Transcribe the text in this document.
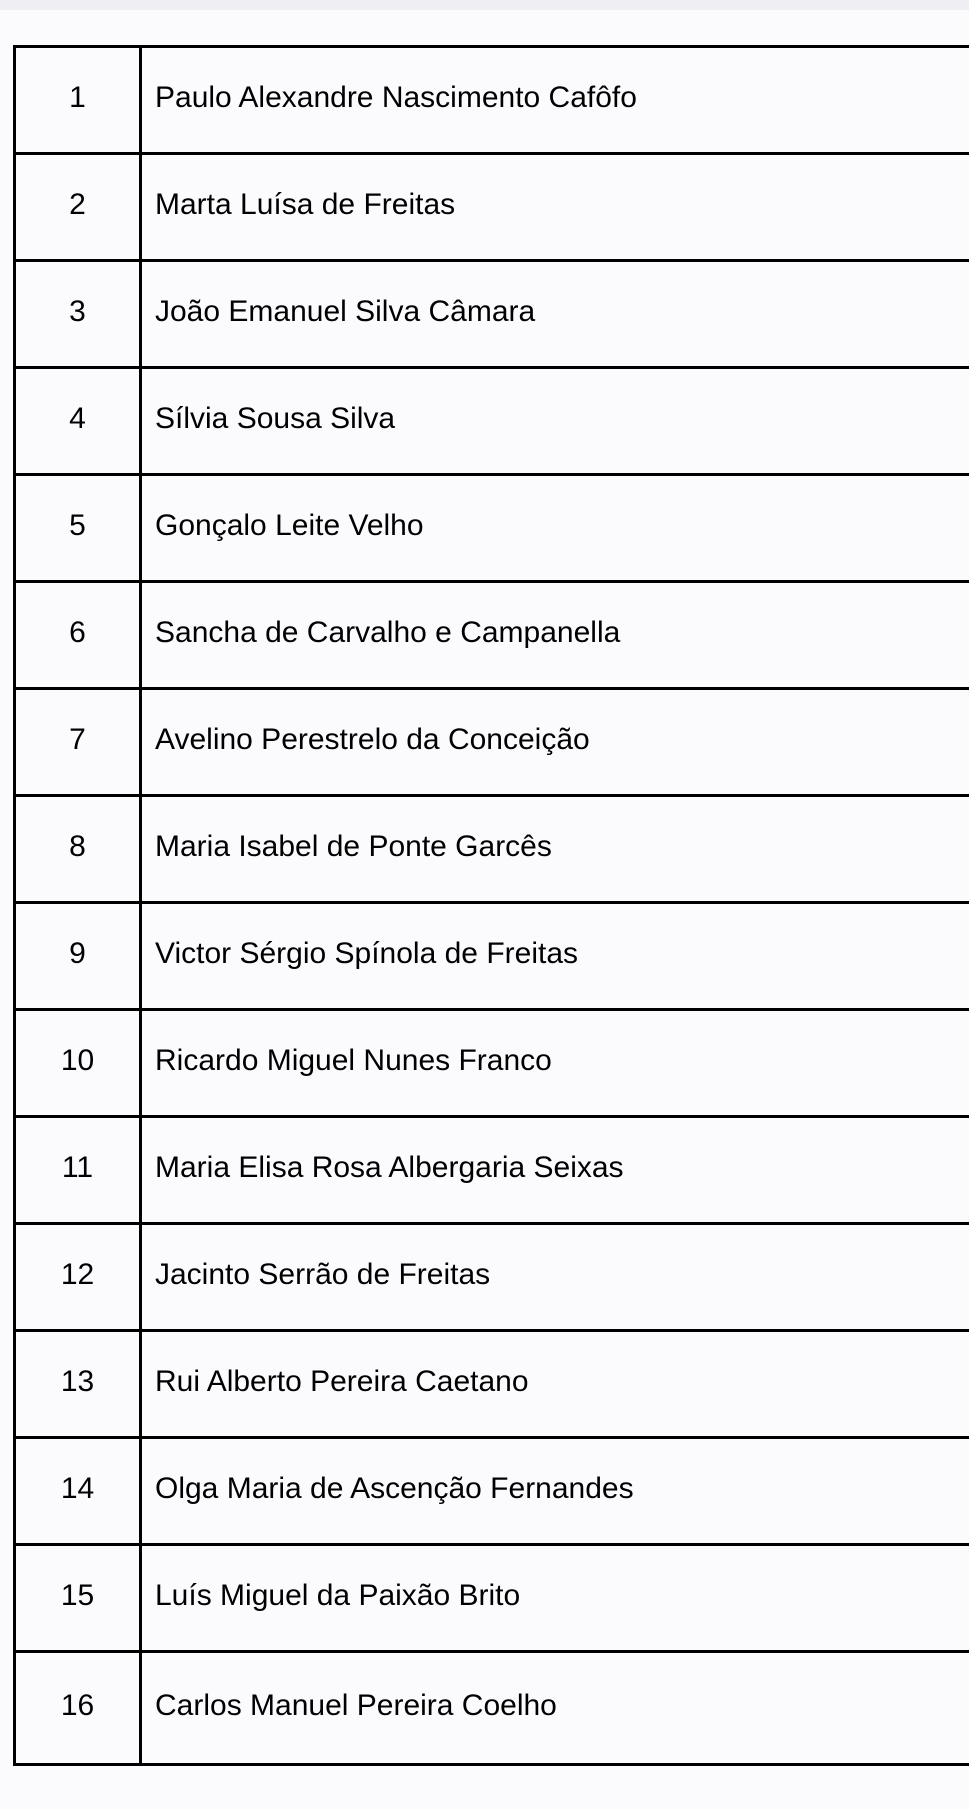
1	Paulo Alexandre Nascimento Cafôfo
2	Marta Luísa de Freitas
3	João Emanuel Silva Câmara
4	Sílvia Sousa Silva
5	Gonçalo Leite Velho
6	Sancha de Carvalho e Campanella
7	Avelino Perestrelo da Conceição
8	Maria Isabel de Ponte Garcês
9	Victor Sérgio Spínola de Freitas
10	Ricardo Miguel Nunes Franco
11	Maria Elisa Rosa Albergaria Seixas
12	Jacinto Serrão de Freitas
13	Rui Alberto Pereira Caetano
14	Olga Maria de Ascenção Fernandes
15	Luís Miguel da Paixão Brito
16	Carlos Manuel Pereira Coelho
